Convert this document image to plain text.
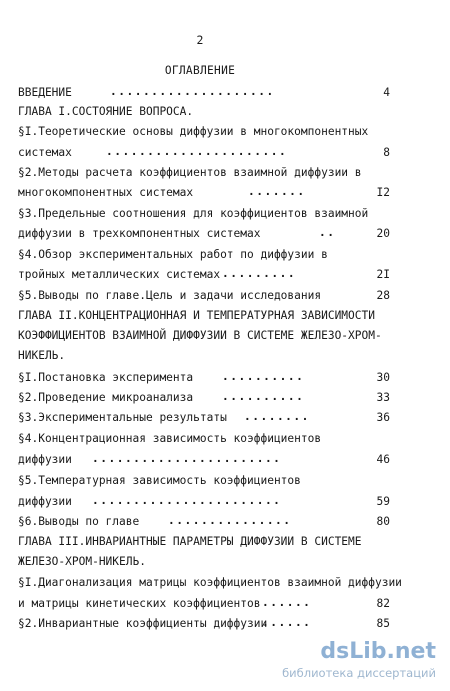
2
ОГЛАВЛЕНИЕ
ВВЕДЕНИЕ	....................	4
ГЛАВА I.СОСТОЯНИЕ ВОПРОСА.
§I.Теоретические основы диффузии в многокомпонентных
системах	......................	8
§2.Методы расчета коэффициентов взаимной диффузии в
многокомпонентных системах	.......	I2
§3.Предельные соотношения для коэффициентов взаимной
диффузии в трехкомпонентных системах	..	20
§4.Обзор экспериментальных работ по диффузии в
тройных металлических системах .........	2I
§5.Выводы по главе.Цель и задачи исследования	28
ГЛАВА II.КОНЦЕНТРАЦИОННАЯ И ТЕМПЕРАТУРНАЯ ЗАВИСИМОСТИ
КОЭФФИЦИЕНТОВ ВЗАИМНОЙ ДИФФУЗИИ В СИСТЕМЕ ЖЕЛЕЗО-ХРОМ-
НИКЕЛЬ.
§I.Постановка эксперимента	..........	30
§2.Проведение микроанализа	..........	33
§3.Экспериментальные результаты ........	36
§4.Концентрационная зависимость коэффициентов
диффузии .......................	46
§5.Температурная зависимость коэффициентов
диффузии .......................	59
§6.Выводы по главе	...............	80
ГЛАВА III.ИНВАРИАНТНЫЕ ПАРАМЕТРЫ ДИФФУЗИИ В СИСТЕМЕ
ЖЕЛЕЗО-ХРОМ-НИКЕЛЬ.
§I.Диагонализация матрицы коэффициентов взаимной диффузии
и матрицы кинетических коэффициентов ......	82
§2.Инвариантные коэффициенты диффузии
......	85
dsLib.net
библиотека диссертаций
